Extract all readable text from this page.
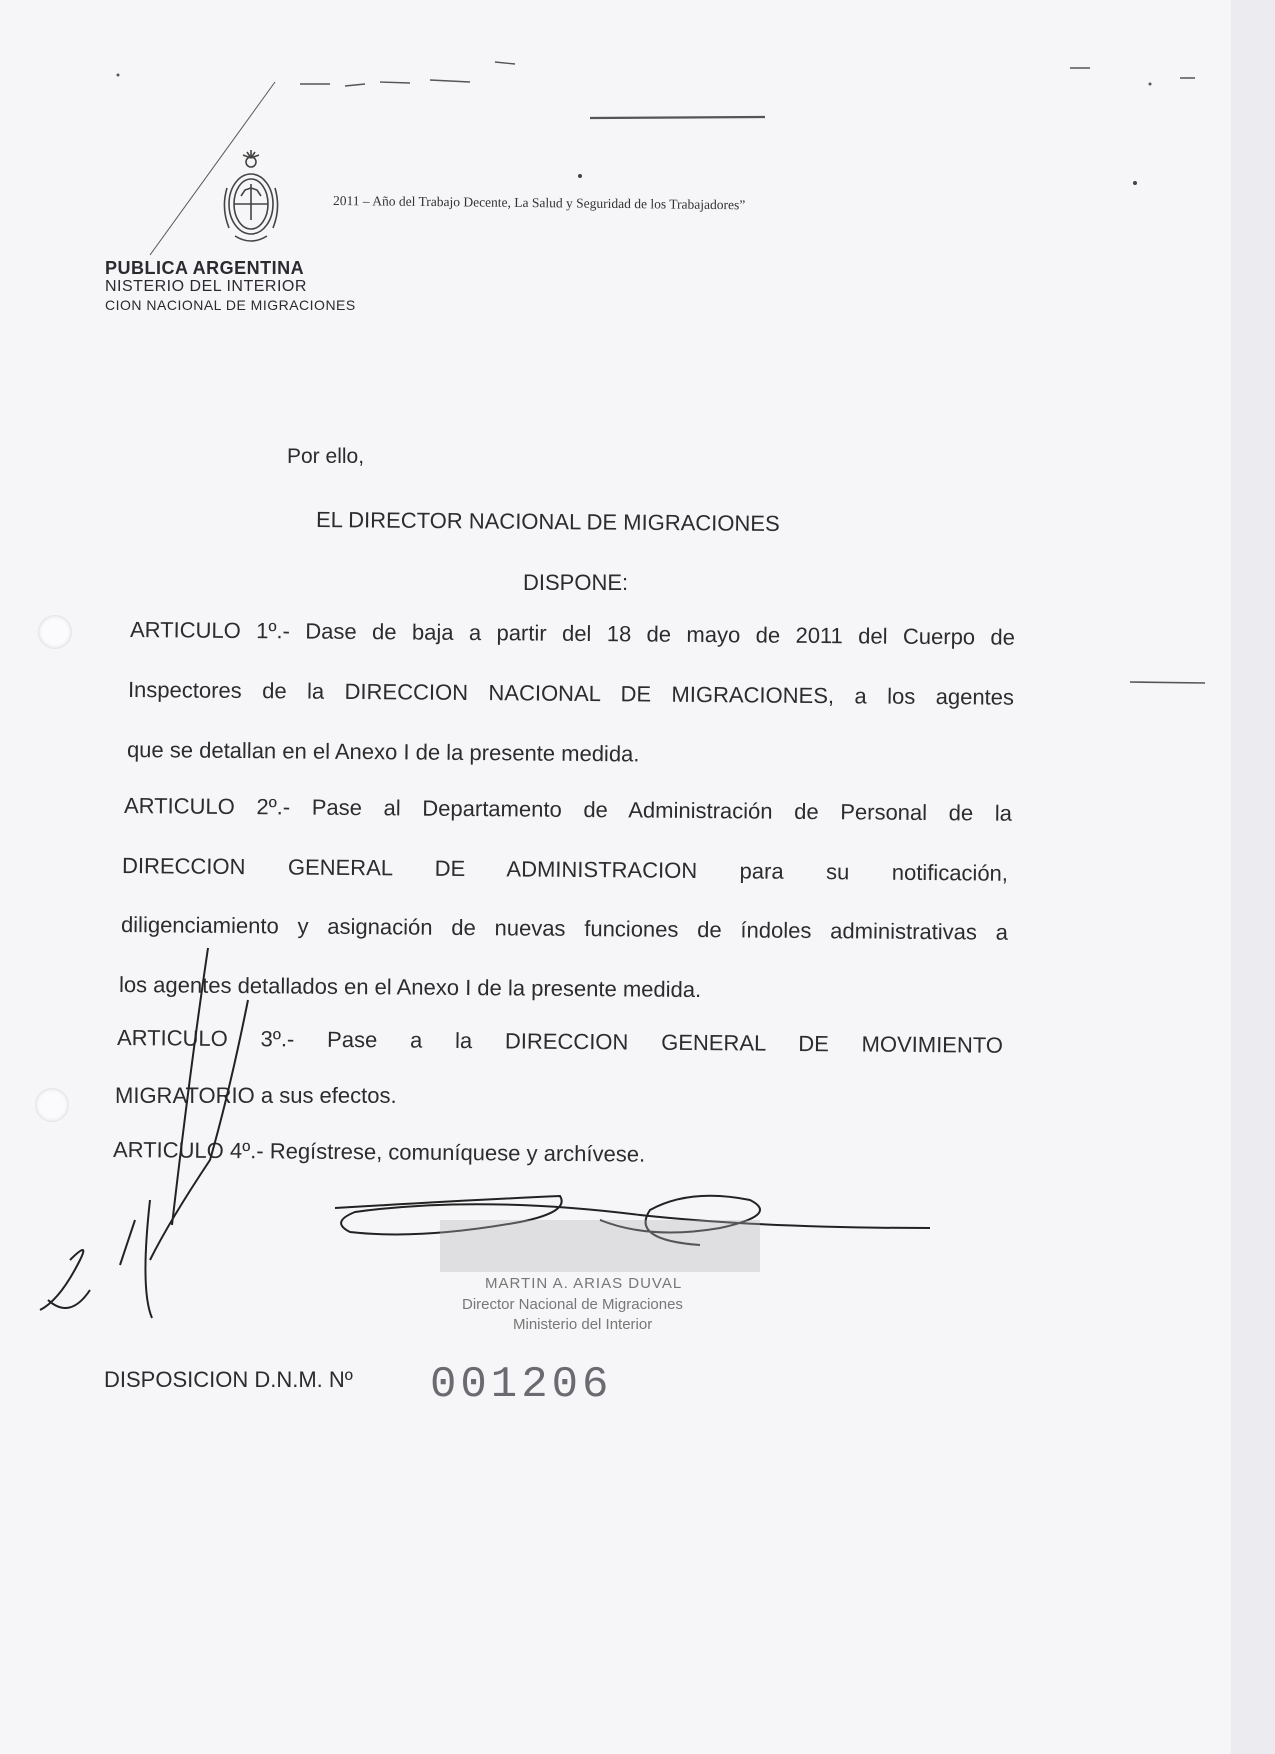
2011 – Año del Trabajo Decente, La Salud y Seguridad de los Trabajadores”
PUBLICA ARGENTINA
NISTERIO DEL INTERIOR
CION NACIONAL DE MIGRACIONES
Por ello,
EL DIRECTOR NACIONAL DE MIGRACIONES
DISPONE:
ARTICULO 1º.- Dase de baja a partir del 18 de mayo de 2011 del Cuerpo de
Inspectores de la DIRECCION NACIONAL DE MIGRACIONES, a los agentes
que se detallan en el Anexo I de la presente medida.
ARTICULO 2º.- Pase al Departamento de Administración de Personal de la
DIRECCION GENERAL DE ADMINISTRACION para su notificación,
diligenciamiento y asignación de nuevas funciones de índoles administrativas a
los agentes detallados en el Anexo I de la presente medida.
ARTICULO 3º.- Pase a la DIRECCION GENERAL DE MOVIMIENTO
MIGRATORIO a sus efectos.
ARTICULO 4º.- Regístrese, comuníquese y archívese.
MARTIN A. ARIAS DUVAL
Director Nacional de Migraciones
Ministerio del Interior
DISPOSICION D.N.M. Nº 001206
